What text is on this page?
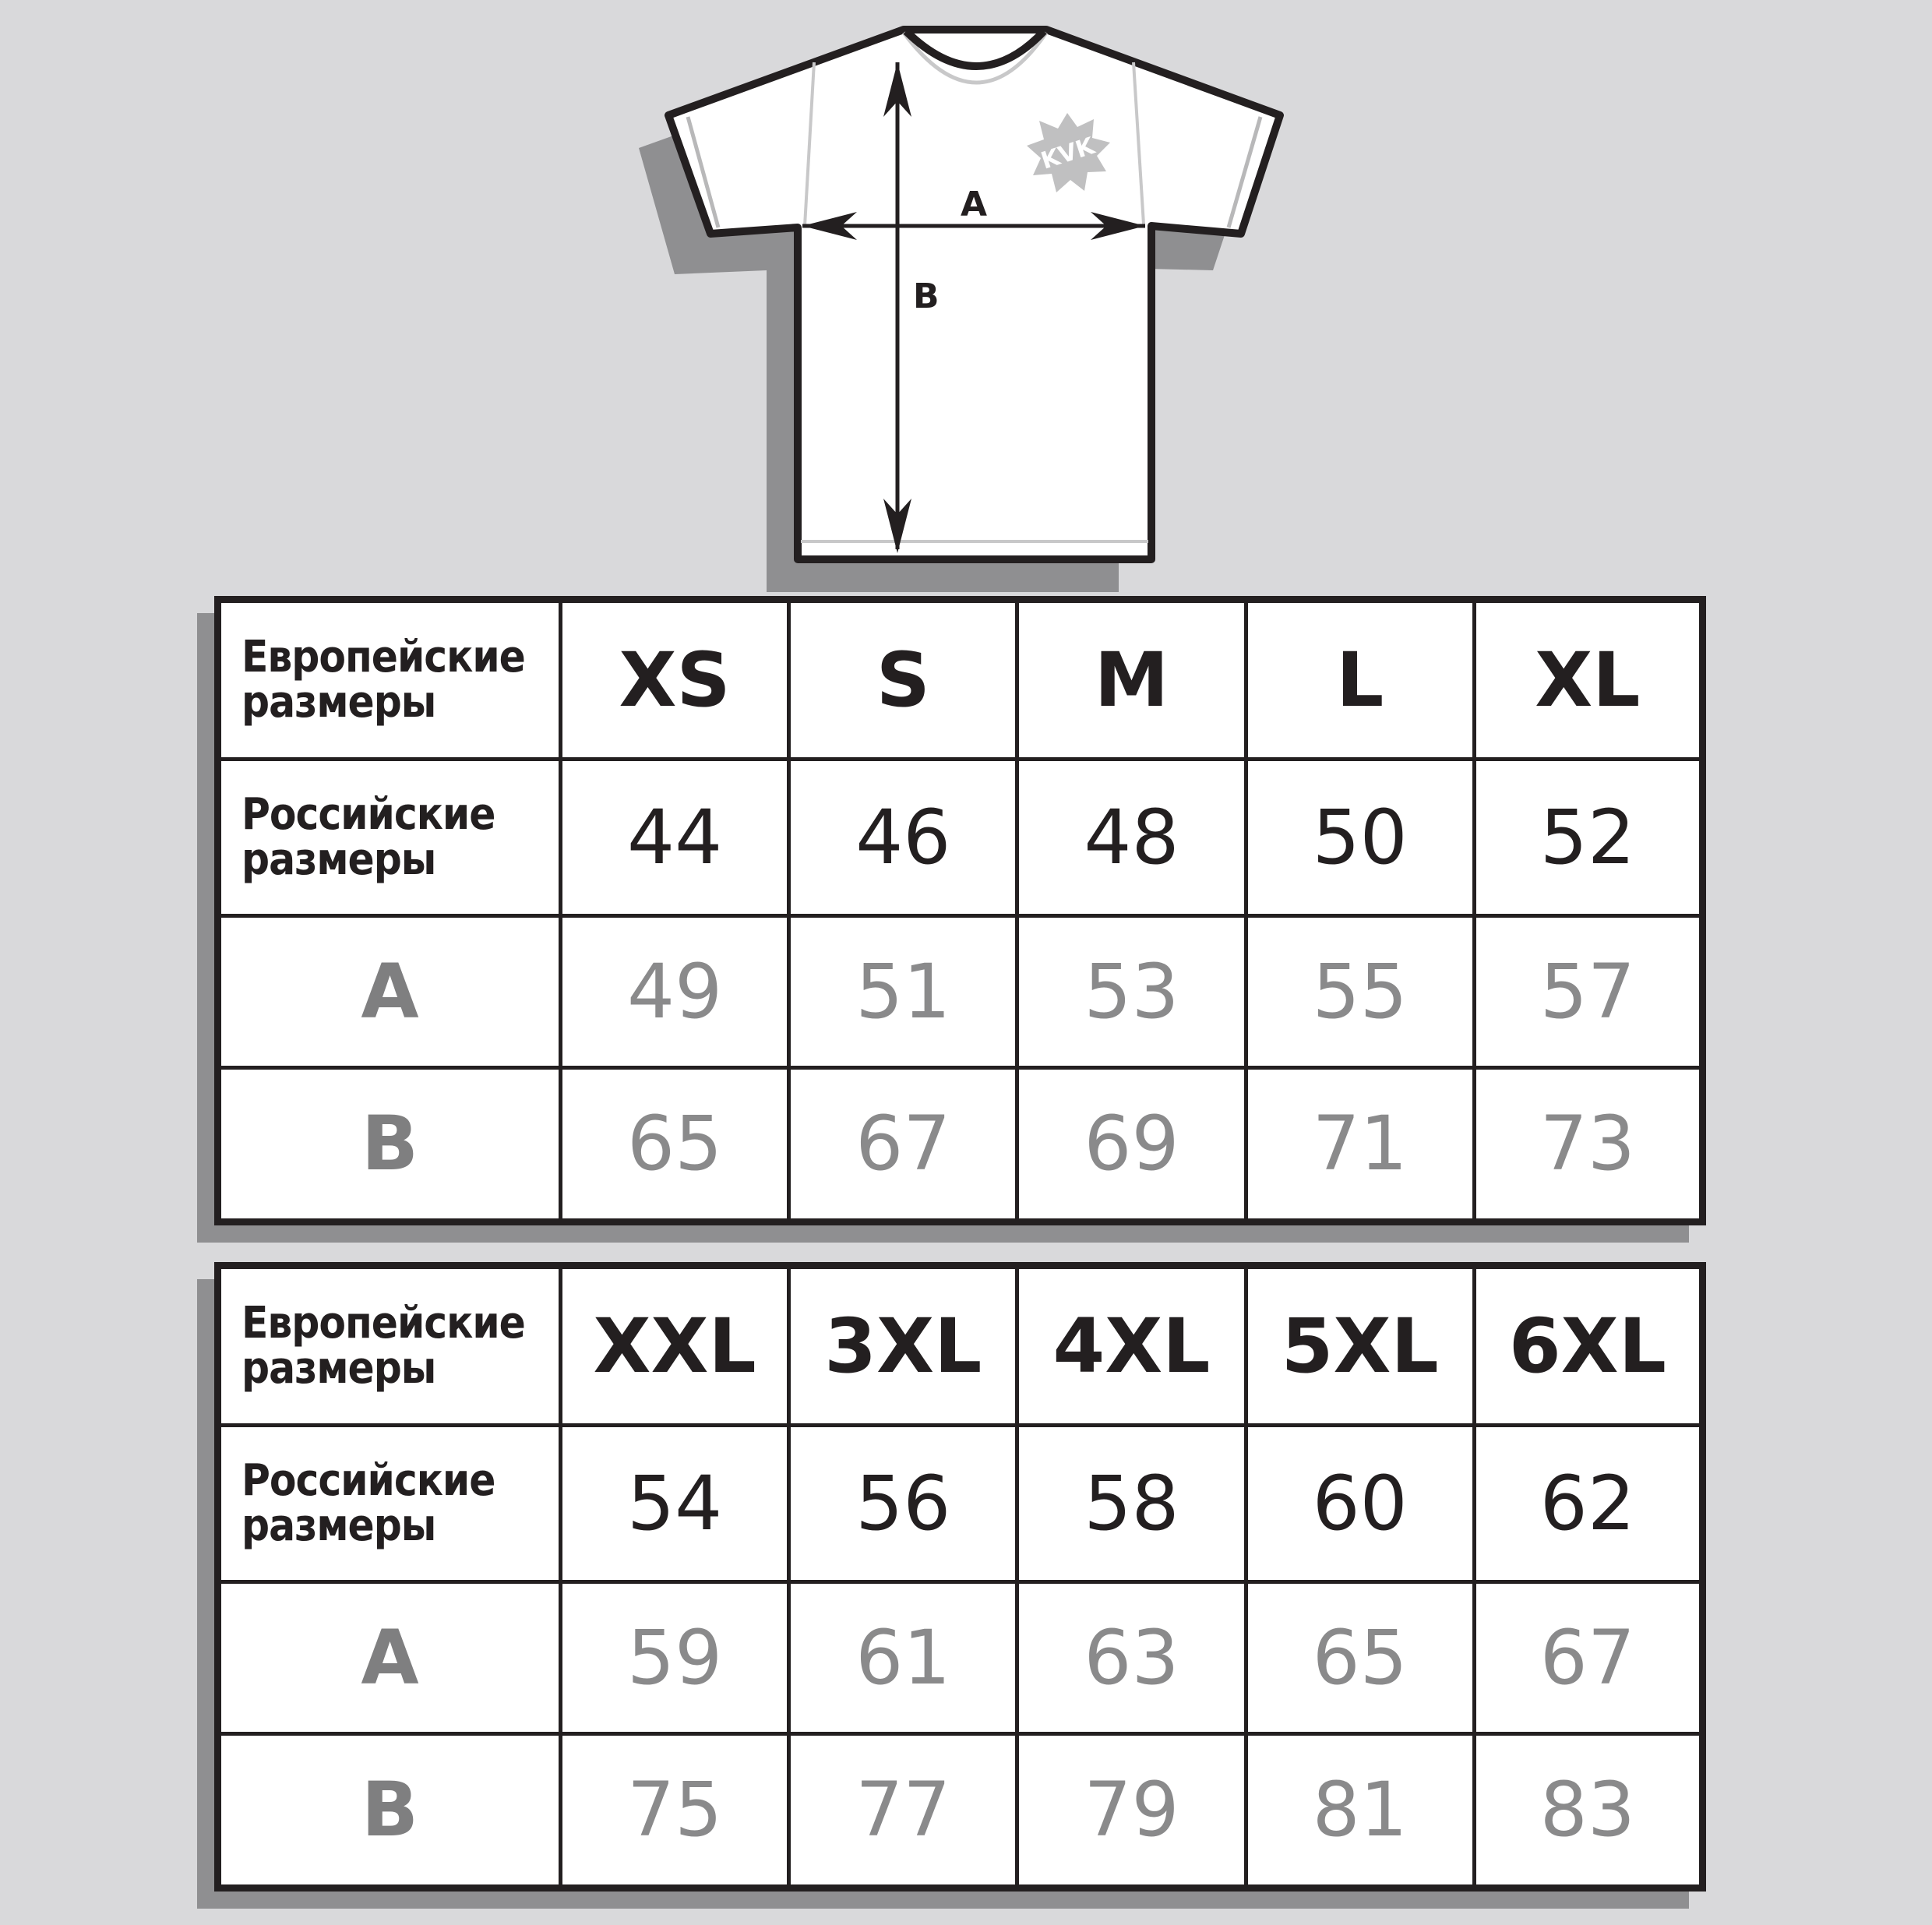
KVK
A
B
Европейские
размеры	XS	S	M	L	XL

Российские
размеры	44	46	48	50	52
A	49	51	53	55	57
B	65	67	69	71	73
Европейские
размеры	XXL	3XL	4XL	5XL	6XL

Российские
размеры	54	56	58	60	62
A	59	61	63	65	67
B	75	77	79	81	83
